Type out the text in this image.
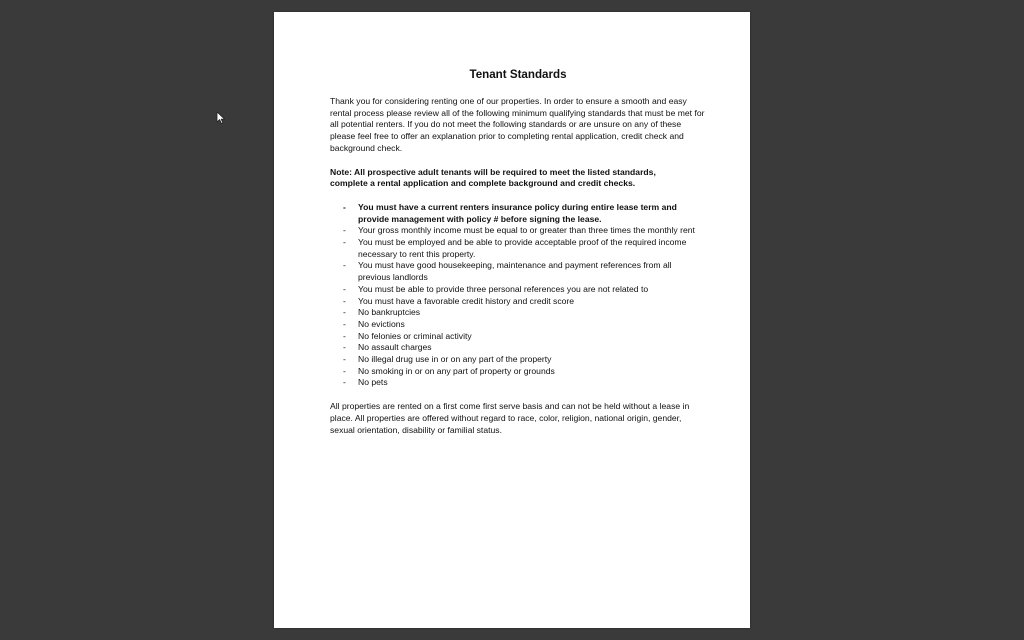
Tenant Standards

Thank you for considering renting one of our properties. In order to ensure a smooth and easy rental process please review all of the following minimum qualifying standards that must be met for all potential renters. If you do not meet the following standards or are unsure on any of these please feel free to offer an explanation prior to completing rental application, credit check and background check.

Note: All prospective adult tenants will be required to meet the listed standards, complete a rental application and complete background and credit checks.

- You must have a current renters insurance policy during entire lease term and provide management with policy # before signing the lease.
- Your gross monthly income must be equal to or greater than three times the monthly rent
- You must be employed and be able to provide acceptable proof of the required income necessary to rent this property.
- You must have good housekeeping, maintenance and payment references from all previous landlords
- You must be able to provide three personal references you are not related to
- You must have a favorable credit history and credit score
- No bankruptcies
- No evictions
- No felonies or criminal activity
- No assault charges
- No illegal drug use in or on any part of the property
- No smoking in or on any part of property or grounds
- No pets

All properties are rented on a first come first serve basis and can not be held without a lease in place. All properties are offered without regard to race, color, religion, national origin, gender, sexual orientation, disability or familial status.
